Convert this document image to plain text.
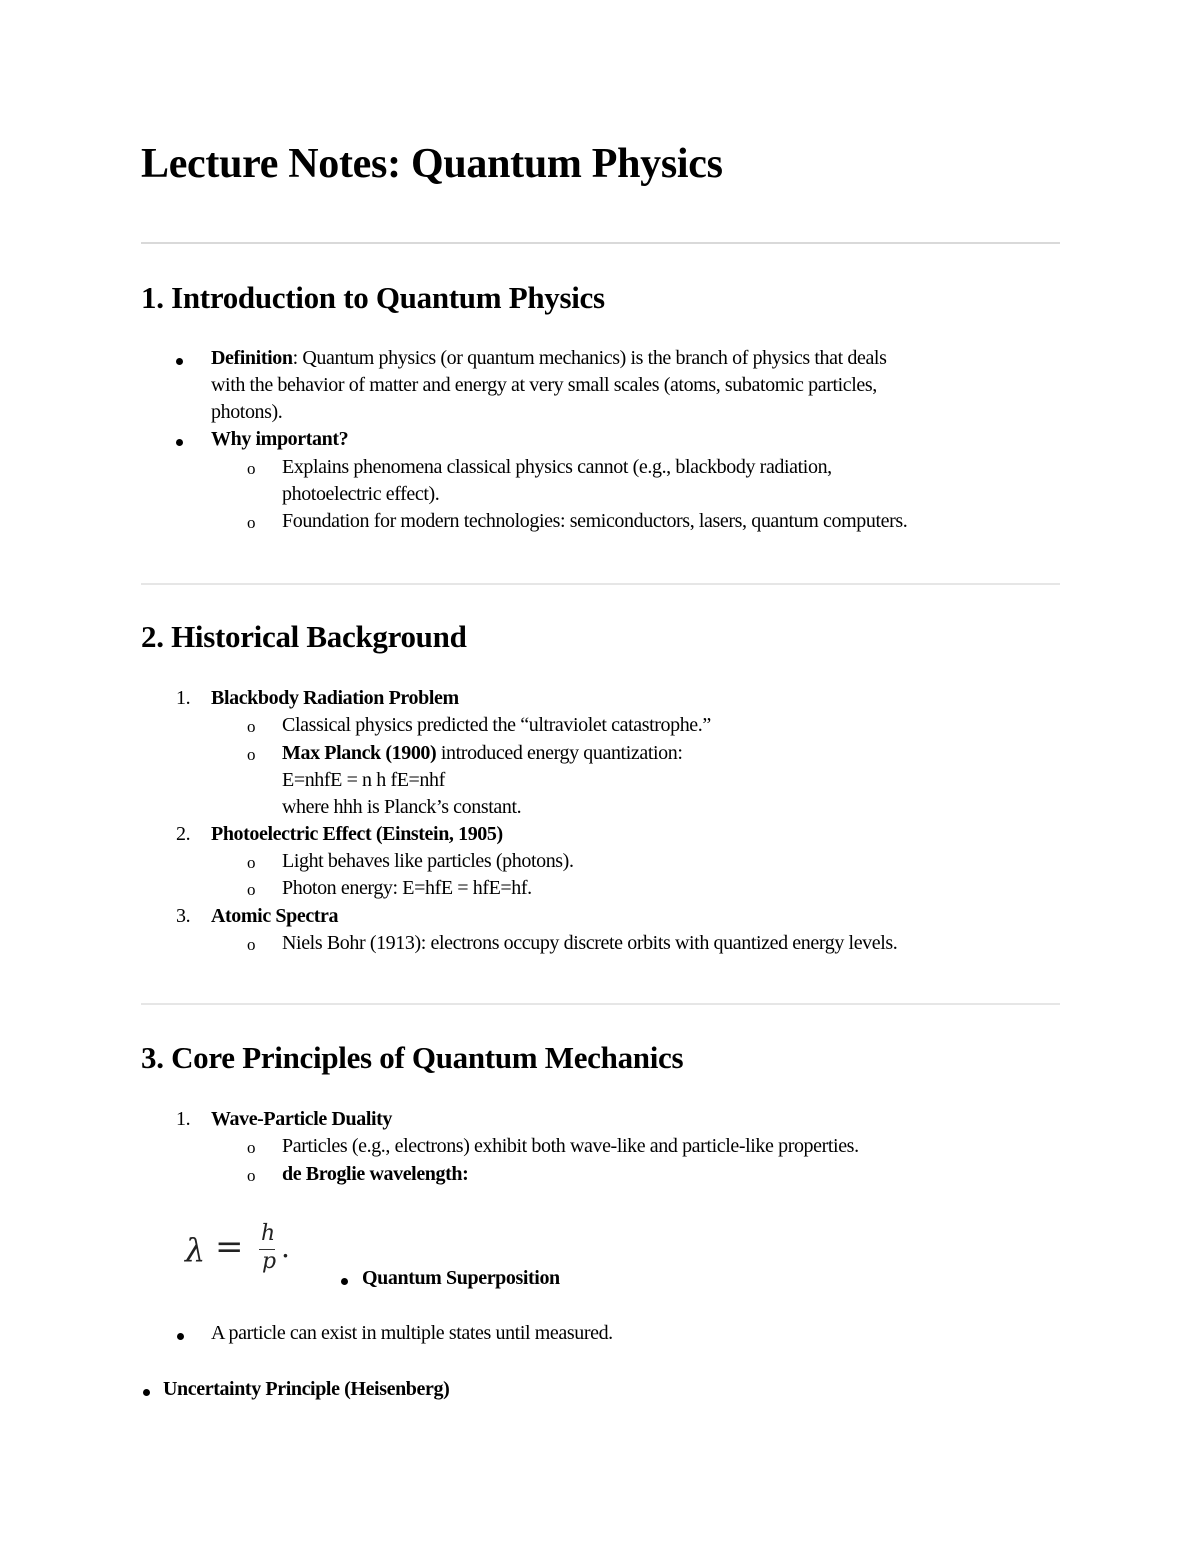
Lecture Notes: Quantum Physics
1. Introduction to Quantum Physics
Definition: Quantum physics (or quantum mechanics) is the branch of physics that deals
with the behavior of matter and energy at very small scales (atoms, subatomic particles,
photons).
Why important?
o Explains phenomena classical physics cannot (e.g., blackbody radiation,
photoelectric effect).
o Foundation for modern technologies: semiconductors, lasers, quantum computers.
2. Historical Background
1. Blackbody Radiation Problem
o Classical physics predicted the “ultraviolet catastrophe.”
o Max Planck (1900) introduced energy quantization:
E=nhfE = n h fE=nhf
where hhh is Planck’s constant.
2. Photoelectric Effect (Einstein, 1905)
o Light behaves like particles (photons).
o Photon energy: E=hfE = hfE=hf.
3. Atomic Spectra
o Niels Bohr (1913): electrons occupy discrete orbits with quantized energy levels.
3. Core Principles of Quantum Mechanics
1. Wave-Particle Duality
o Particles (e.g., electrons) exhibit both wave-like and particle-like properties.
o de Broglie wavelength:
λ = h
p .
Quantum Superposition
A particle can exist in multiple states until measured.
Uncertainty Principle (Heisenberg)
